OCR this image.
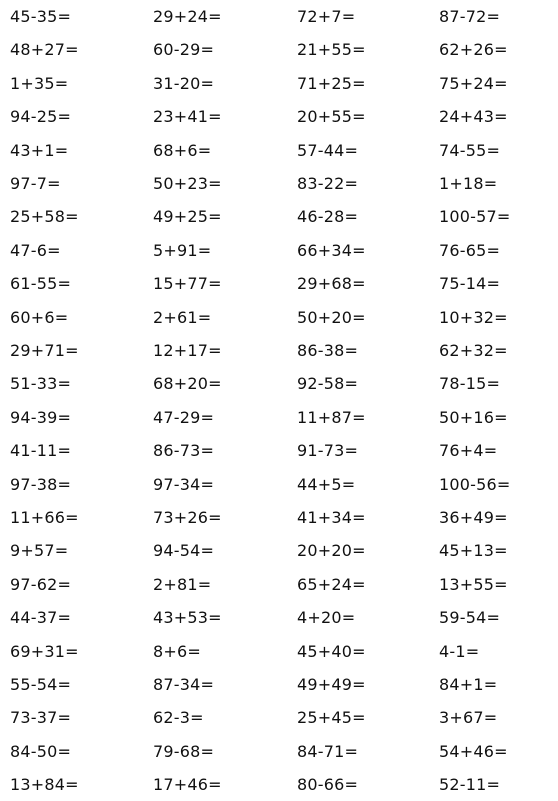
45-35=	29+24=	72+7=	87-72=
48+27=	60-29=	21+55=	62+26=
1+35=	31-20=	71+25=	75+24=
94-25=	23+41=	20+55=	24+43=
43+1=	68+6=	57-44=	74-55=
97-7=	50+23=	83-22=	1+18=
25+58=	49+25=	46-28=	100-57=
47-6=	5+91=	66+34=	76-65=
61-55=	15+77=	29+68=	75-14=
60+6=	2+61=	50+20=	10+32=
29+71=	12+17=	86-38=	62+32=
51-33=	68+20=	92-58=	78-15=
94-39=	47-29=	11+87=	50+16=
41-11=	86-73=	91-73=	76+4=
97-38=	97-34=	44+5=	100-56=
11+66=	73+26=	41+34=	36+49=
9+57=	94-54=	20+20=	45+13=
97-62=	2+81=	65+24=	13+55=
44-37=	43+53=	4+20=	59-54=
69+31=	8+6=	45+40=	4-1=
55-54=	87-34=	49+49=	84+1=
73-37=	62-3=	25+45=	3+67=
84-50=	79-68=	84-71=	54+46=
13+84=	17+46=	80-66=	52-11=
